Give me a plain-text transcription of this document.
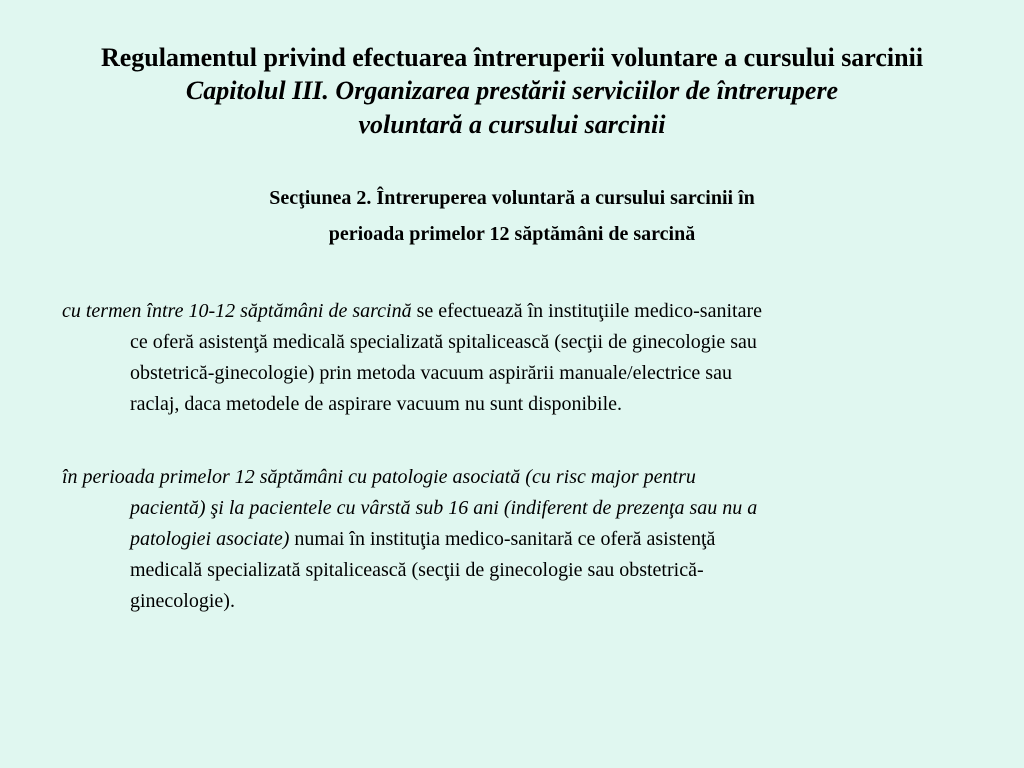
Regulamentul privind efectuarea întreruperii voluntare a cursului sarcinii
Capitolul III. Organizarea prestării serviciilor de întrerupere
voluntară a cursului sarcinii
Secţiunea 2. Întreruperea voluntară a cursului sarcinii în
perioada primelor 12 săptămâni de sarcină
cu termen între 10-12 săptămâni de sarcină se efectuează în instituţiile medico-sanitare
ce oferă asistenţă medicală specializată spitalicească (secţii de ginecologie sau
obstetrică-ginecologie) prin metoda vacuum aspirării manuale/electrice sau
raclaj, daca metodele de aspirare vacuum nu sunt disponibile.
în perioada primelor 12 săptămâni cu patologie asociată (cu risc major pentru
pacientă) şi la pacientele cu vârstă sub 16 ani (indiferent de prezenţa sau nu a
patologiei asociate) numai în instituţia medico-sanitară ce oferă asistenţă
medicală specializată spitalicească (secţii de ginecologie sau obstetrică-
ginecologie).
